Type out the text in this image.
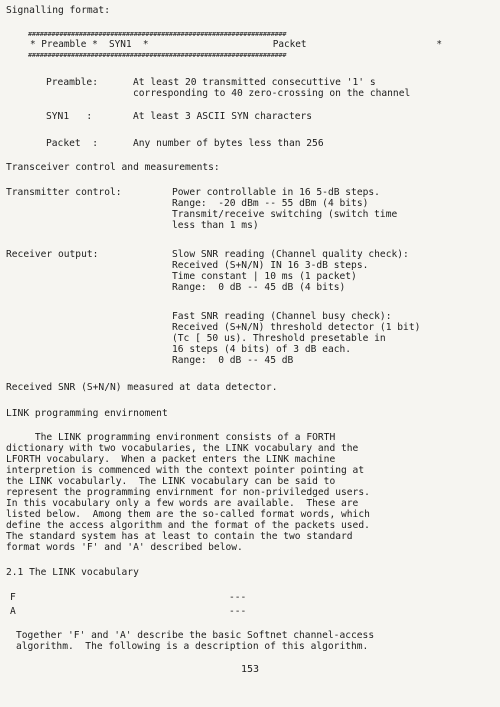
Signalling format:
##################################################################
* Preamble *  SYN1  *                      Packet                       *
##################################################################
Preamble:	At least 20 transmitted consecuttive '1' s
corresponding to 40 zero-crossing on the channel
SYN1   :	At least 3 ASCII SYN characters
Packet  :	Any number of bytes less than 256
Transceiver control and measurements:
Transmitter control:	Power controllable in 16 5-dB steps.
Range:  -20 dBm -- 55 dBm (4 bits)
Transmit/receive switching (switch time
less than 1 ms)
Receiver output:	Slow SNR reading (Channel quality check):
Received (S+N/N) IN 16 3-dB steps.
Time constant | 10 ms (1 packet)
Range:  0 dB -- 45 dB (4 bits)
Fast SNR reading (Channel busy check):
Received (S+N/N) threshold detector (1 bit)
(Tc [ 50 us). Threshold presetable in
16 steps (4 bits) of 3 dB each.
Range:  0 dB -- 45 dB
Received SNR (S+N/N) measured at data detector.
LINK programming envirnoment
The LINK programming environment consists of a FORTH
dictionary with two vocabularies, the LINK vocabulary and the
LFORTH vocabulary.  When a packet enters the LINK machine
interpretion is commenced with the context pointer pointing at
the LINK vocabularly.  The LINK vocabulary can be said to
represent the programming envirnment for non-priviledged users.
In this vocabulary only a few words are available.  These are
listed below.  Among them are the so-called format words, which
define the access algorithm and the format of the packets used.
The standard system has at least to contain the two standard
format words 'F' and 'A' described below.
2.1 The LINK vocabulary
F	---
A	---
Together 'F' and 'A' describe the basic Softnet channel-access
algorithm.  The following is a description of this algorithm.
153
